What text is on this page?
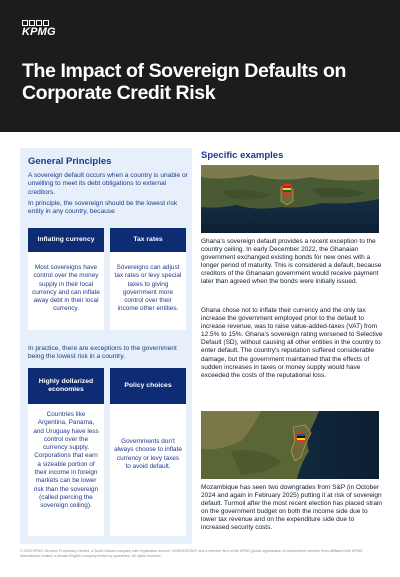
KPMG
The Impact of Sovereign Defaults on Corporate Credit Risk
General Principles
A sovereign default occurs when a country is unable or unwilling to meet its debt obligations to external creditors.
In principle, the sovereign should be the lowest risk entity in any country, because
Inflating currency
Most sovereigns have control over the money supply in their local currency and can inflate away debt in their local currency.
Tax rates
Sovereigns can adjust tax rates or levy special taxes to giving government more control over their income other entities.
In practice, there are exceptions to the government being the lowest risk in a country.
Highly dollarized economies
Countries like Argentina, Panama, and Uruguay have less control over the currency supply. Corporations that earn a sizeable portion of their income in foreign markets can be lower risk than the sovereign (called piercing the sovereign ceiling).
Policy choices
Governments don't always choose to inflate currency or levy taxes to avoid default.
Specific examples
Ghana's sovereign default provides a recent exception to the country ceiling. In early December 2022, the Ghanaian government exchanged existing bonds for new ones with a longer period of maturity. This is considered a default, because creditors of the Ghanaian government would receive payment later than agreed when the bonds were initially issued.
Ghana chose not to inflate their currency and the only tax increase the government employed prior to the default to increase revenue, was to raise value-added-taxes (VAT) from 12.5% to 15%. Ghana's sovereign rating worsened to Selective Default (SD), without causing all other entities in the country to enter default. The country's reputation suffered considerable damage, but the government maintained that the effects of sudden increases in taxes or money supply would have exceeded the costs of the reputational loss.
Mozambique has seen two downgrades from S&P (in October 2024 and again in February 2025) putting it at risk of sovereign default. Turmoil after the most recent election has placed strain on the government budget on both the income side due to lower tax revenue and on the expenditure side due to increased security costs.
© 2025 KPMG Services Proprietary Limited, a South African company with registration number 1999/012876/07 and a member firm of the KPMG global organization of independent member firms affiliated with KPMG International Limited, a private English company limited by guarantee. All rights reserved.
